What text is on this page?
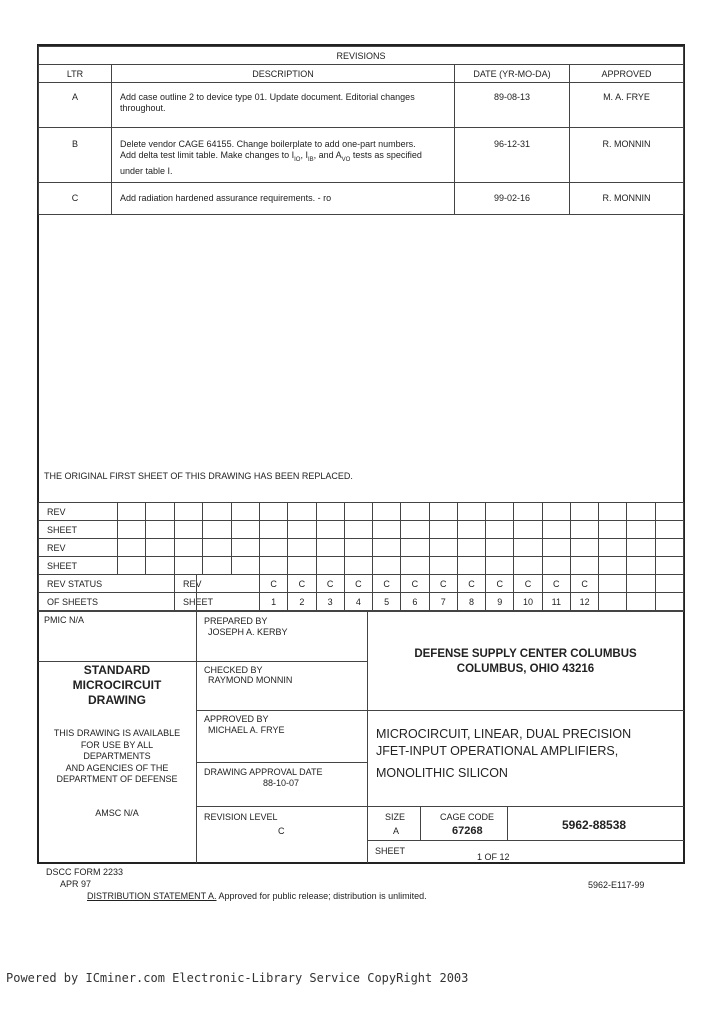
REVISIONS			
LTR	DESCRIPTION	DATE (YR-MO-DA)	APPROVED
A	Add case outline 2 to device type 01. Update document. Editorial changes
throughout.	89-08-13	M. A. FRYE
B	Delete vendor CAGE 64155. Change boilerplate to add one-part numbers.
Add delta test limit table. Make changes to $I_{IO}$, $I_{IB}$, and $A_{VO}$ tests as specified
under table I.	96-12-31	R. MONNIN
C	Add radiation hardened assurance requirements. - ro	99-02-16	R. MONNIN
THE ORIGINAL FIRST SHEET OF THIS DRAWING HAS BEEN REPLACED.
REV																				
SHEET																				
REV																				
SHEET																				
REV STATUS			REV			C	C	C	C	C	C	C	C	C	C	C	C			
OF SHEETS			SHEET			1	2	3	4	5	6	7	8	9	10	11	12			
PMIC N/A
STANDARD
MICROCIRCUIT
DRAWING
THIS DRAWING IS AVAILABLE
FOR USE BY ALL
DEPARTMENTS
AND AGENCIES OF THE
DEPARTMENT OF DEFENSE
AMSC N/A
PREPARED BY
JOSEPH A. KERBY
CHECKED BY
RAYMOND MONNIN
APPROVED BY
MICHAEL A. FRYE
DRAWING APPROVAL DATE
88-10-07
REVISION LEVEL
C
DEFENSE SUPPLY CENTER COLUMBUS
COLUMBUS, OHIO 43216
MICROCIRCUIT, LINEAR, DUAL PRECISION
JFET-INPUT OPERATIONAL AMPLIFIERS,
MONOLITHIC SILICON
SIZE
A
CAGE CODE
67268	5962-88538
SHEET
1 OF 12
DSCC FORM 2233
APR 97
DISTRIBUTION STATEMENT A. Approved for public release; distribution is unlimited.
5962-E117-99
Powered by ICminer.com Electronic-Library Service CopyRight 2003
